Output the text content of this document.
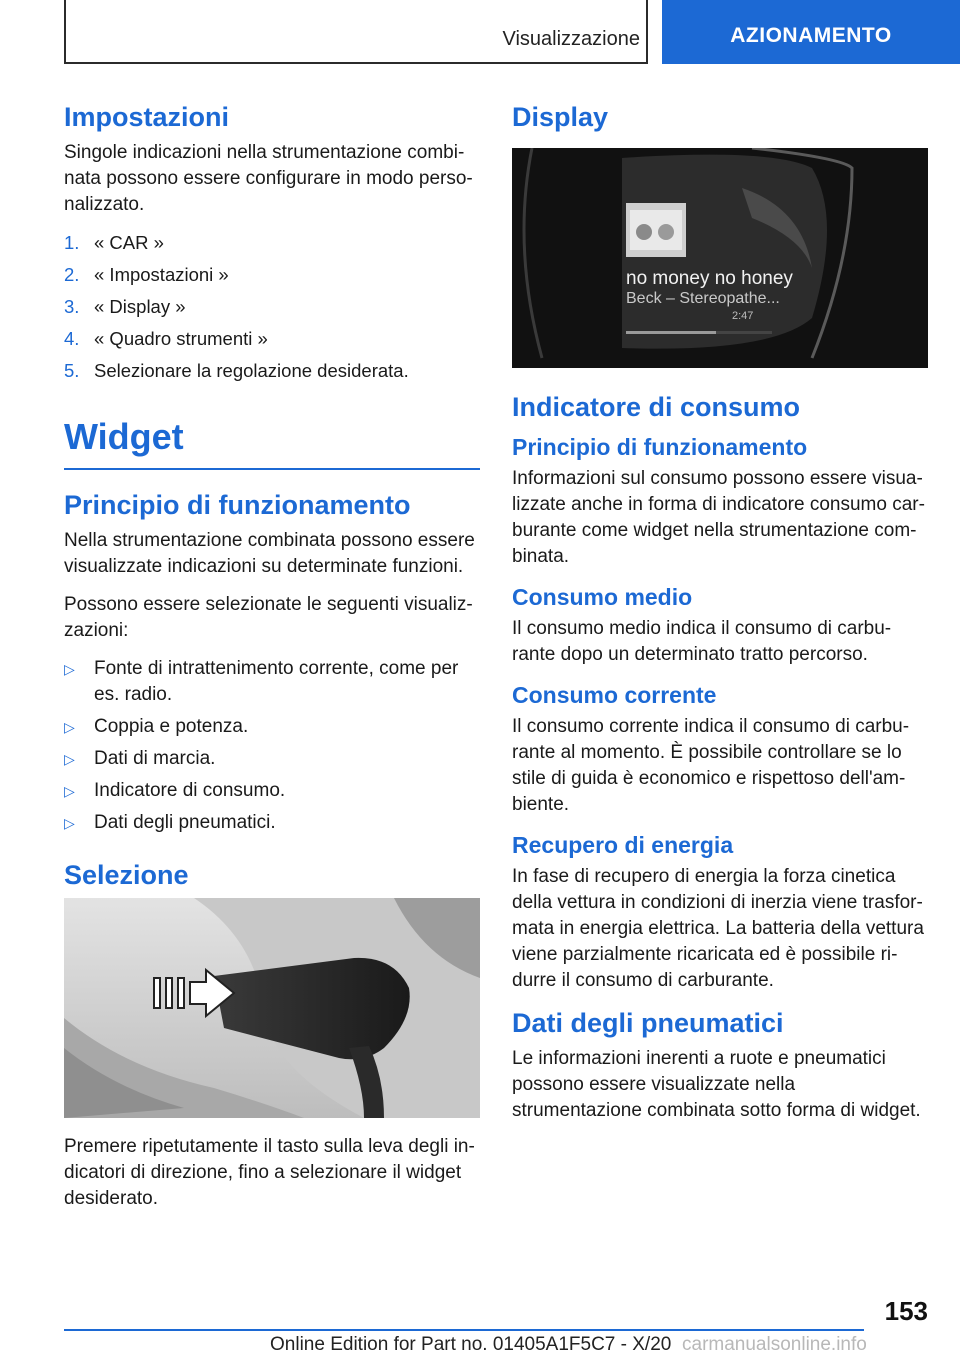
Visualizzazione	AZIONAMENTO
Impostazioni

Singole indicazioni nella strumentazione combi-nata possono essere configurare in modo perso-nalizzato.

1. « CAR »
2. « Impostazioni »
3. « Display »
4. « Quadro strumenti »
5. Selezionare la regolazione desiderata.
Widget
Principio di funzionamento

Nella strumentazione combinata possono essere visualizzate indicazioni su determinate funzioni.

Possono essere selezionate le seguenti visualiz-zazioni:

▷	Fonte di intrattenimento corrente, come per es. radio.
▷	Coppia e potenza.
▷	Dati di marcia.
▷	Indicatore di consumo.
▷	Dati degli pneumatici.
Selezione

Premere ripetutamente il tasto sulla leva degli in-dicatori di direzione, fino a selezionare il widget desiderato.

Display
no money no honey
Beck – Stereopathe...
2:47
Indicatore di consumo
Principio di funzionamento

Informazioni sul consumo possono essere visua-lizzate anche in forma di indicatore consumo car-burante come widget nella strumentazione com-binata.

Consumo medio

Il consumo medio indica il consumo di carbu-rante dopo un determinato tratto percorso.

Consumo corrente

Il consumo corrente indica il consumo di carbu-rante al momento. È possibile controllare se lo stile di guida è economico e rispettoso dell'am-biente.

Recupero di energia

In fase di recupero di energia la forza cinetica della vettura in condizioni di inerzia viene trasfor-mata in energia elettrica. La batteria della vettura viene parzialmente ricaricata ed è possibile ri-durre il consumo di carburante.

Dati degli pneumatici

Le informazioni inerenti a ruote e pneumatici possono essere visualizzate nella strumentazione combinata sotto forma di widget.

153
Online Edition for Part no. 01405A1F5C7 - X/20 carmanualsonline.info
